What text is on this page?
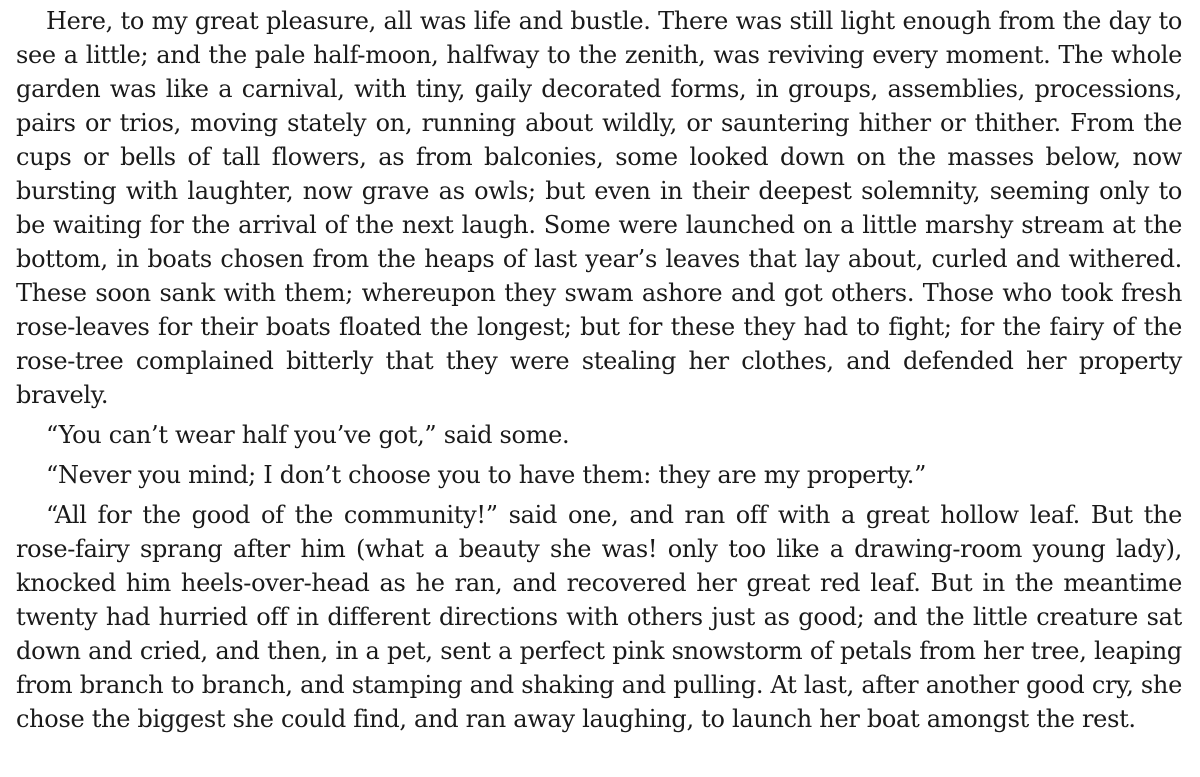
Here, to my great pleasure, all was life and bustle. There was still light enough from the day to see a little; and the pale half-moon, halfway to the zenith, was reviving every moment. The whole garden was like a carnival, with tiny, gaily decorated forms, in groups, assemblies, processions, pairs or trios, moving stately on, running about wildly, or sauntering hither or thither. From the cups or bells of tall flowers, as from balconies, some looked down on the masses below, now bursting with laughter, now grave as owls; but even in their deepest solemnity, seeming only to be waiting for the arrival of the next laugh. Some were launched on a little marshy stream at the bottom, in boats chosen from the heaps of last year’s leaves that lay about, curled and withered. These soon sank with them; whereupon they swam ashore and got others. Those who took fresh rose-leaves for their boats floated the longest; but for these they had to fight; for the fairy of the rose-tree complained bitterly that they were stealing her clothes, and defended her property bravely.

“You can’t wear half you’ve got,” said some.

“Never you mind; I don’t choose you to have them: they are my property.”

“All for the good of the community!” said one, and ran off with a great hollow leaf. But the rose-fairy sprang after him (what a beauty she was! only too like a drawing-room young lady), knocked him heels-over-head as he ran, and recovered her great red leaf. But in the meantime twenty had hurried off in different directions with others just as good; and the little creature sat down and cried, and then, in a pet, sent a perfect pink snowstorm of petals from her tree, leaping from branch to branch, and stamping and shaking and pulling. At last, after another good cry, she chose the biggest she could find, and ran away laughing, to launch her boat amongst the rest.
